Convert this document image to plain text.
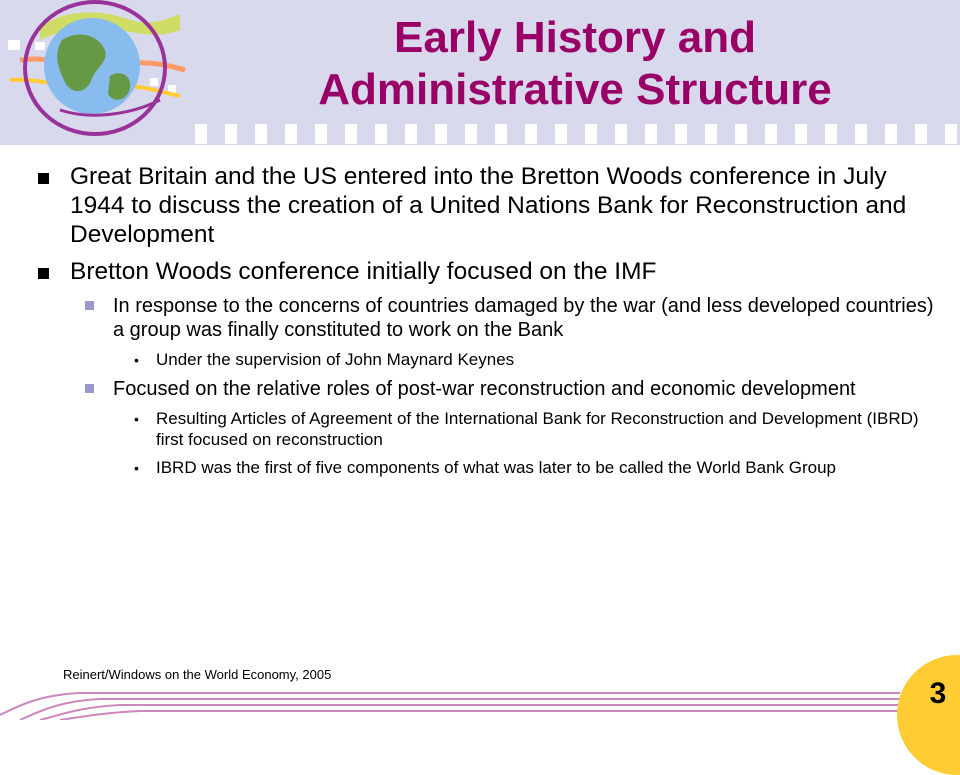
Early History and
Administrative Structure
Great Britain and the US entered into the Bretton Woods conference in July 1944 to discuss the creation of a United Nations Bank for Reconstruction and Development
Bretton Woods conference initially focused on the IMF
In response to the concerns of countries damaged by the war (and less developed countries) a group was finally constituted to work on the Bank
• Under the supervision of John Maynard Keynes
Focused on the relative roles of post-war reconstruction and economic development
• Resulting Articles of Agreement of the International Bank for Reconstruction and Development (IBRD) first focused on reconstruction
• IBRD was the first of five components of what was later to be called the World Bank Group
Reinert/Windows on the World Economy, 2005
3
